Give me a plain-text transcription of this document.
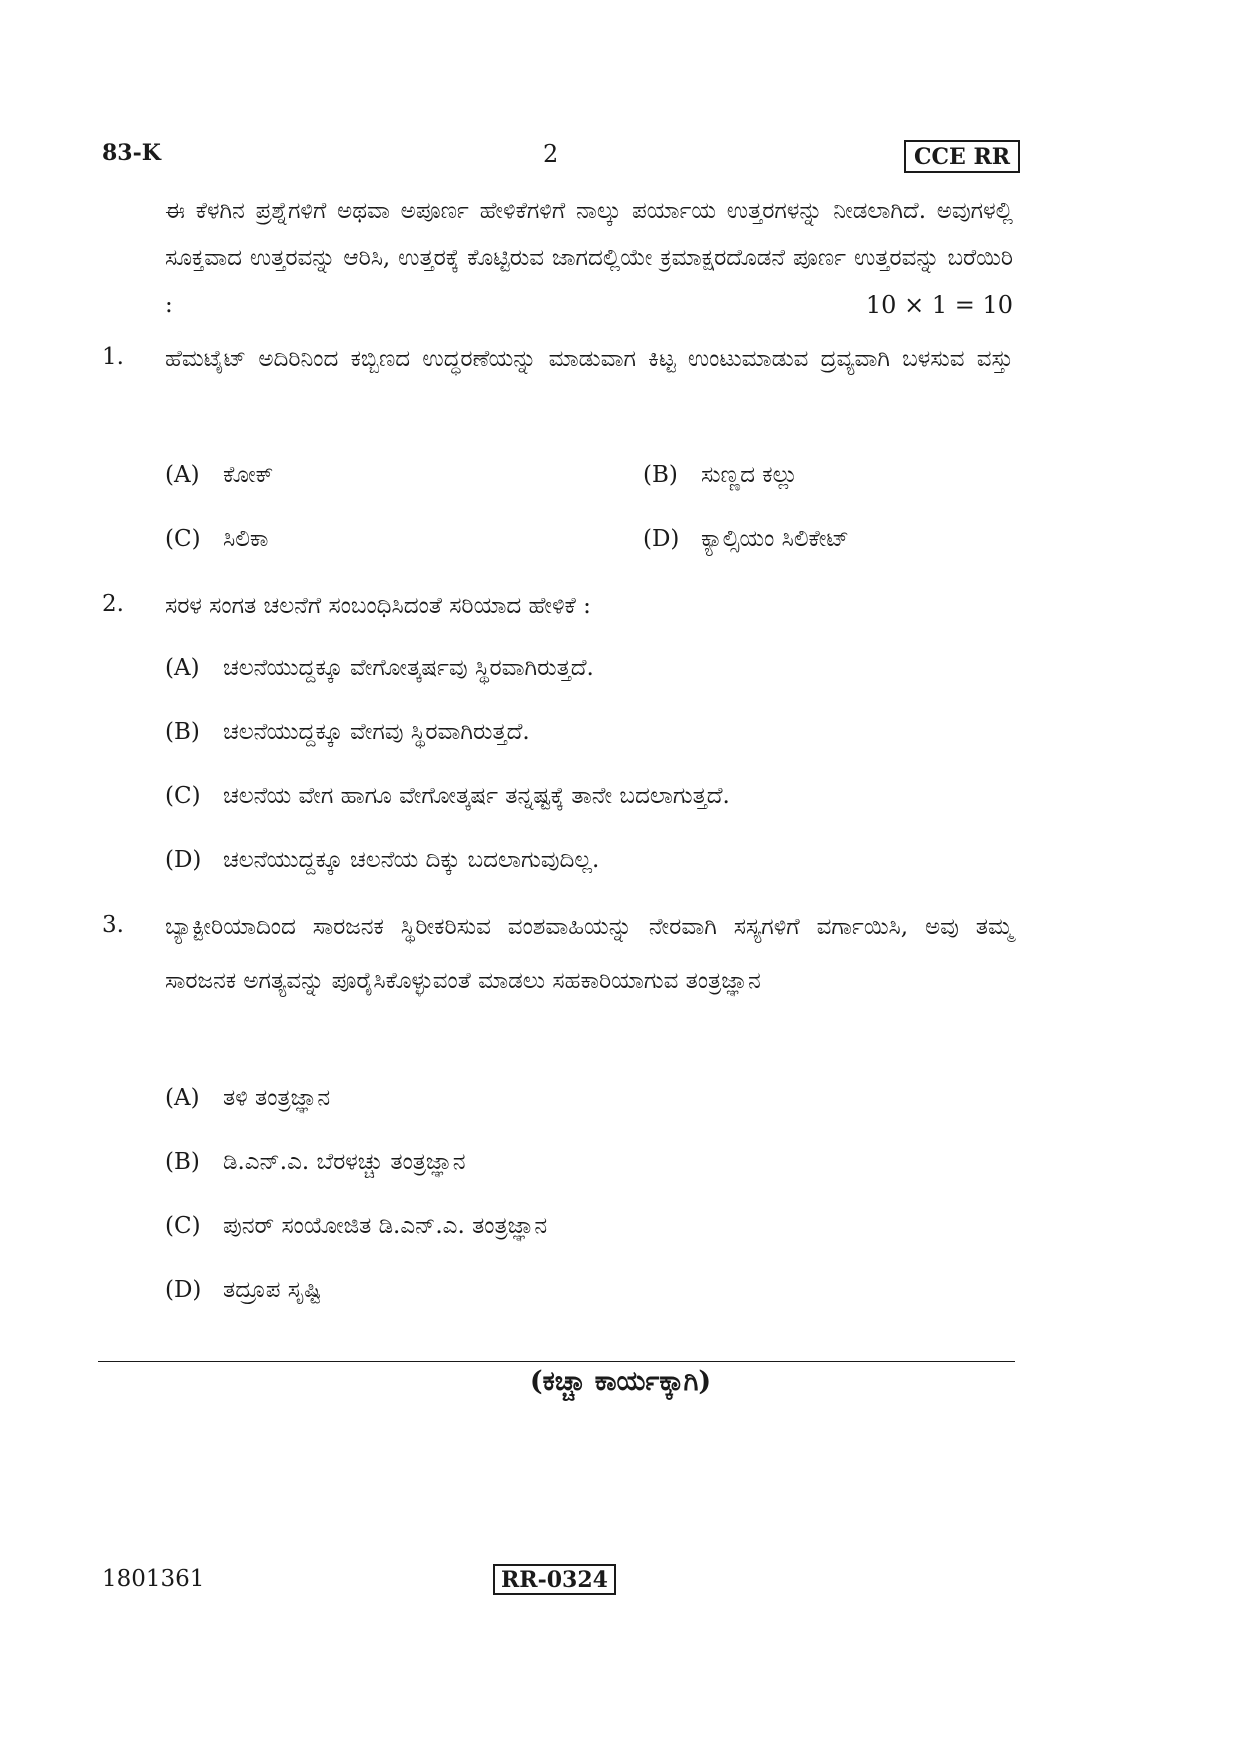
83-K	2	CCE RR
ಈ ಕೆಳಗಿನ ಪ್ರಶ್ನೆಗಳಿಗೆ ಅಥವಾ ಅಪೂರ್ಣ ಹೇಳಿಕೆಗಳಿಗೆ ನಾಲ್ಕು ಪರ್ಯಾಯ ಉತ್ತರಗಳನ್ನು ನೀಡಲಾಗಿದೆ. ಅವುಗಳಲ್ಲಿ ಸೂಕ್ತವಾದ ಉತ್ತರವನ್ನು ಆರಿಸಿ, ಉತ್ತರಕ್ಕೆ ಕೊಟ್ಟಿರುವ ಜಾಗದಲ್ಲಿಯೇ ಕ್ರಮಾಕ್ಷರದೊಡನೆ ಪೂರ್ಣ ಉತ್ತರವನ್ನು ಬರೆಯಿರಿ :	10 × 1 = 10
1. ಹೆಮಟೈಟ್ ಅದಿರಿನಿಂದ ಕಬ್ಬಿಣದ ಉದ್ಧರಣೆಯನ್ನು ಮಾಡುವಾಗ ಕಿಟ್ಟ ಉಂಟುಮಾಡುವ ದ್ರವ್ಯವಾಗಿ ಬಳಸುವ ವಸ್ತು
(A) ಕೋಕ್	(B) ಸುಣ್ಣದ ಕಲ್ಲು
(C) ಸಿಲಿಕಾ	(D) ಕ್ಯಾಲ್ಸಿಯಂ ಸಿಲಿಕೇಟ್
2. ಸರಳ ಸಂಗತ ಚಲನೆಗೆ ಸಂಬಂಧಿಸಿದಂತೆ ಸರಿಯಾದ ಹೇಳಿಕೆ :
(A) ಚಲನೆಯುದ್ದಕ್ಕೂ ವೇಗೋತ್ಕರ್ಷವು ಸ್ಥಿರವಾಗಿರುತ್ತದೆ.
(B) ಚಲನೆಯುದ್ದಕ್ಕೂ ವೇಗವು ಸ್ಥಿರವಾಗಿರುತ್ತದೆ.
(C) ಚಲನೆಯ ವೇಗ ಹಾಗೂ ವೇಗೋತ್ಕರ್ಷ ತನ್ನಷ್ಟಕ್ಕೆ ತಾನೇ ಬದಲಾಗುತ್ತದೆ.
(D) ಚಲನೆಯುದ್ದಕ್ಕೂ ಚಲನೆಯ ದಿಕ್ಕು ಬದಲಾಗುವುದಿಲ್ಲ.
3. ಬ್ಯಾಕ್ಟೀರಿಯಾದಿಂದ ಸಾರಜನಕ ಸ್ಥಿರೀಕರಿಸುವ ವಂಶವಾಹಿಯನ್ನು ನೇರವಾಗಿ ಸಸ್ಯಗಳಿಗೆ ವರ್ಗಾಯಿಸಿ, ಅವು ತಮ್ಮ ಸಾರಜನಕ ಅಗತ್ಯವನ್ನು ಪೂರೈಸಿಕೊಳ್ಳುವಂತೆ ಮಾಡಲು ಸಹಕಾರಿಯಾಗುವ ತಂತ್ರಜ್ಞಾನ
(A) ತಳಿ ತಂತ್ರಜ್ಞಾನ
(B) ಡಿ.ಎನ್.ಎ. ಬೆರಳಚ್ಚು ತಂತ್ರಜ್ಞಾನ
(C) ಪುನರ್ ಸಂಯೋಜಿತ ಡಿ.ಎನ್.ಎ. ತಂತ್ರಜ್ಞಾನ
(D) ತದ್ರೂಪ ಸೃಷ್ಟಿ
(ಕಚ್ಚಾ ಕಾರ್ಯಕ್ಕಾಗಿ)
1801361	RR-0324
